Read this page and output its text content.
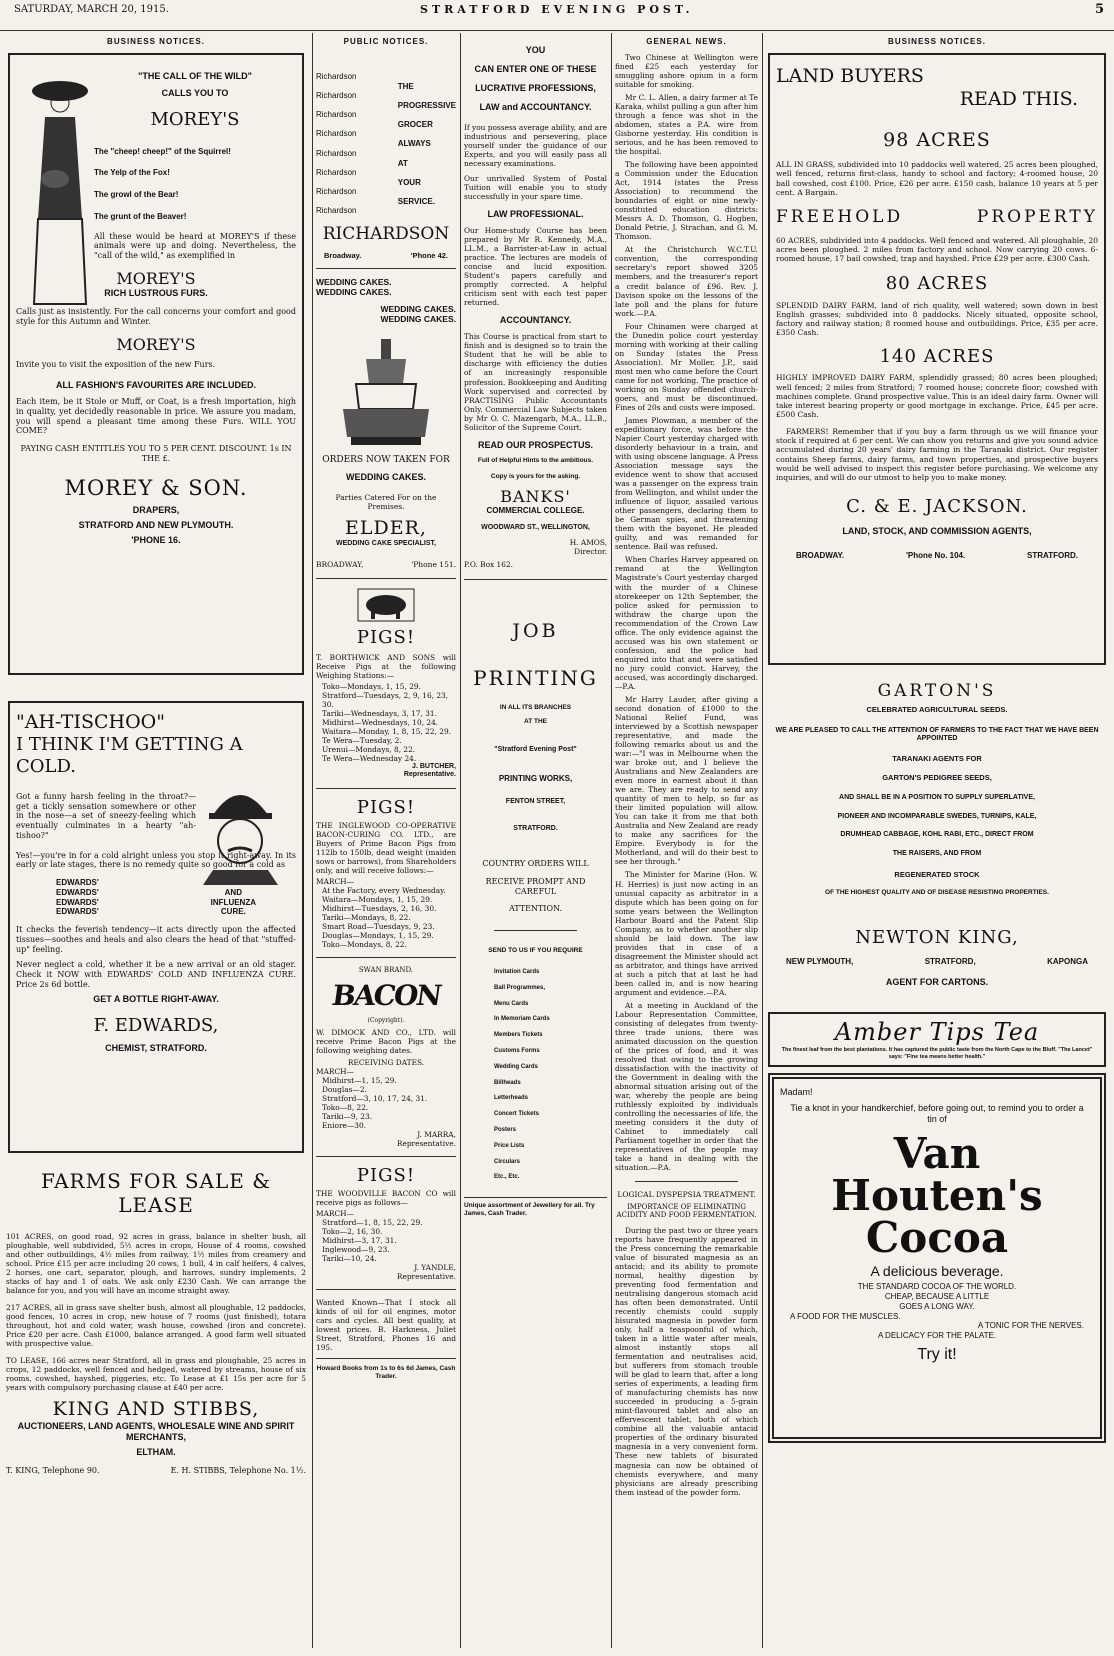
SATURDAY, MARCH 20, 1915.	STRATFORD EVENING POST.	5
BUSINESS NOTICES.
"THE CALL OF THE WILD"
CALLS YOU TO
MOREY'S
The "cheep! cheep!" of the Squirrel!
The Yelp of the Fox!
The growl of the Bear!
The grunt of the Beaver!
All these would be heard at MOREY'S if these animals were up and doing. Nevertheless, the "call of the wild," as exemplified in
MOREY'S
RICH LUSTROUS FURS.
Calls just as insistently. For the call concerns your comfort and good style for this Autumn and Winter.
MOREY'S
Invite you to visit the exposition of the new Furs.
ALL FASHION'S FAVOURITES ARE INCLUDED.
Each item, be it Stole or Muff, or Coat, is a fresh importation, high in quality, yet decidedly reasonable in price. We assure you madam, you will spend a pleasant time among these Furs. WILL YOU COME?
PAYING CASH ENTITLES YOU TO 5 PER CENT. DISCOUNT. 1s IN THE £.
MOREY & SON.
DRAPERS,
STRATFORD AND NEW PLYMOUTH.
'PHONE 16.
"AH-TISCHOO"
I THINK I'M GETTING A
COLD.
Got a funny harsh feeling in the throat?—get a tickly sensation somewhere or other in the nose—a set of sneezy-feeling which eventually culminates in a hearty "ah-tishoo?"
Yes!—you're in for a cold alright unless you stop it right-away. In its early or late stages, there is no remedy quite so good for a cold as
EDWARDS'
EDWARDS'
EDWARDS'
EDWARDS'
AND
INFLUENZA
CURE.
It checks the feverish tendency—it acts directly upon the affected tissues—soothes and heals and also clears the head of that "stuffed-up" feeling.
Never neglect a cold, whether it be a new arrival or an old stager. Check it NOW with EDWARDS' COLD AND INFLUENZA CURE. Price 2s 6d bottle.
GET A BOTTLE RIGHT-AWAY.
F. EDWARDS,
CHEMIST, STRATFORD.
FARMS FOR SALE & LEASE
101 ACRES, on good road, 92 acres in grass, balance in shelter bush, all ploughable, well subdivided, 5½ acres in crops, House of 4 rooms, cowshed and other outbuildings, 4½ miles from railway, 1½ miles from creamery and school. Price £15 per acre including 20 cows, 1 bull, 4 in calf heifers, 4 calves, 2 horses, one cart, separator, plough, and harrows, sundry implements, 2 stacks of hay and 1 of oats. We ask only £230 Cash. We can arrange the balance for you, and you will have an income straight away.
217 ACRES, all in grass save shelter bush, almost all ploughable, 12 paddocks, good fences, 10 acres in crop, new house of 7 rooms (just finished), totara throughout, hot and cold water, wash house, cowshed (iron and concrete). Price £20 per acre. Cash £1000, balance arranged. A good farm well situated with prospective value.
TO LEASE, 166 acres near Stratford, all in grass and ploughable, 25 acres in crops, 12 paddocks, well fenced and hedged, watered by streams, house of six rooms, cowshed, hayshed, piggeries, etc. To Lease at £1 15s per acre for 5 years with compulsory purchasing clause at £40 per acre.
KING AND STIBBS,
AUCTIONEERS, LAND AGENTS, WHOLESALE WINE AND SPIRIT MERCHANTS,
ELTHAM.
T. KING, Telephone 90.	E. H. STIBBS, Telephone No. 1½.
PUBLIC NOTICES.
Richardson
Richardson
Richardson
Richardson
Richardson
Richardson
Richardson
Richardson
THE
PROGRESSIVE
GROCER
ALWAYS
AT
YOUR
SERVICE.
RICHARDSON
Broadway.	'Phone 42.
WEDDING CAKES.
WEDDING CAKES.
WEDDING CAKES.
WEDDING CAKES.
ORDERS NOW TAKEN FOR
WEDDING CAKES.
Parties Catered For on the Premises.
ELDER,
WEDDING CAKE SPECIALIST,
BROADWAY,	'Phone 151.
PIGS!
T. BORTHWICK AND SONS will Receive Pigs at the following Weighing Stations:—
Toko—Mondays, 1, 15, 29.
Stratford—Tuesdays, 2, 9, 16, 23, 30.
Tariki—Wednesdays, 3, 17, 31.
Midhirst—Wednesdays, 10, 24.
Waitara—Monday, 1, 8, 15, 22, 29.
Te Wera—Tuesday, 2.
Urenui—Mondays, 8, 22.
Te Wera—Wednesday 24.
J. BUTCHER,
Representative.
PIGS!
THE INGLEWOOD CO-OPERATIVE BACON-CURING CO. LTD., are Buyers of Prime Bacon Pigs from 112lb to 150lb, dead weight (maiden sows or barrows), from Shareholders only, and will receive follows:—
MARCH—
At the Factory, every Wednesday.
Waitara—Mondays, 1, 15, 29.
Midhirst—Tuesdays, 2, 16, 30.
Tariki—Mondays, 8, 22.
Smart Road—Tuesdays, 9, 23.
Douglas—Mondays, 1, 15, 29.
Toko—Mondays, 8, 22.
SWAN BRAND.
BACON
(Copyright).
W. DIMOCK AND CO., LTD. will receive Prime Bacon Pigs at the following weighing dates.
RECEIVING DATES.
MARCH—
Midhirst—1, 15, 29.
Douglas—2.
Stratford—3, 10, 17, 24, 31.
Toko—8, 22.
Tariki—9, 23.
Eniore—30.
J. MARRA,
Representative.
PIGS!
THE WOODVILLE BACON CO will receive pigs as follows—
MARCH—
Stratford—1, 8, 15, 22, 29.
Toko—2, 16, 30.
Midhirst—3, 17, 31.
Inglewood—9, 23.
Tariki—10, 24.
J. YANDLE,
Representative.
Wanted Known—That I stock all kinds of oil for oil engines, motor cars and cycles. All best quality, at lowest prices. B. Harkness, Juliet Street, Stratford, Phones 16 and 195.
Howard Books from 1s to 6s 6d James, Cash Trader.
YOU
CAN ENTER ONE OF THESE
LUCRATIVE PROFESSIONS,
LAW and ACCOUNTANCY.
If you possess average ability, and are industrious and persevering, place yourself under the guidance of our Experts, and you will easily pass all necessary examinations.
Our unrivalled System of Postal Tuition will enable you to study successfully in your spare time.
LAW PROFESSIONAL.
Our Home-study Course has been prepared by Mr R. Kennedy, M.A., LL.M., a Barrister-at-Law in actual practice. The lectures are models of concise and lucid exposition. Student's papers carefully and promptly corrected. A helpful criticism sent with each test paper returned.
ACCOUNTANCY.
This Course is practical from start to finish and is designed so to train the Student that he will be able to discharge with efficiency the duties of an increasingly responsible profession. Bookkeeping and Auditing Work supervised and corrected by PRACTISING Public Accountants Only. Commercial Law Subjects taken by Mr O. C. Mazengarb, M.A., LL.B., Solicitor of the Supreme Court.
READ OUR PROSPECTUS.
Full of Helpful Hints to the ambitious.
Copy is yours for the asking.
BANKS'
COMMERCIAL COLLEGE.
WOODWARD ST., WELLINGTON,
H. AMOS,
Director.
P.O. Box 162.
JOB
PRINTING
IN ALL ITS BRANCHES
AT THE
"Stratford Evening Post"
PRINTING WORKS,
FENTON STREET,
STRATFORD.
COUNTRY ORDERS WILL
RECEIVE PROMPT AND CAREFUL
ATTENTION.
SEND TO US IF YOU REQUIRE
Invitation Cards
Ball Programmes,
Menu Cards
In Memoriam Cards
Members Tickets
Customs Forms
Wedding Cards
Billheads
Letterheads
Concert Tickets
Posters
Price Lists
Circulars
Etc., Etc.
Unique assortment of Jewellery for all. Try James, Cash Trader.
GENERAL NEWS.

Two Chinese at Wellington were fined £25 each yesterday for smuggling ashore opium in a form suitable for smoking.

Mr C. L. Allen, a dairy farmer at Te Karaka, whilst pulling a gun after him through a fence was shot in the abdomen, states a P.A. wire from Gisborne yesterday. His condition is serious, and he has been removed to the hospital.

The following have been appointed a Commission under the Education Act, 1914 (states the Press Association) to recommend the boundaries of eight or nine newly-constituted education districts: Messrs A. D. Thomson, G. Hogben, Donald Petrie, J. Strachan, and G. M. Thomson.

At the Christchurch W.C.T.U. convention, the corresponding secretary's report showed 3205 members, and the treasurer's report a credit balance of £96. Rev. J. Davison spoke on the lessons of the late poll and the plans for future work.—P.A.

Four Chinamen were charged at the Dunedin police court yesterday morning with working at their calling on Sunday (states the Press Association). Mr Moller, J.P., said most men who came before the Court came for not working. The practice of working on Sunday offended church-goers, and must be discontinued. Fines of 20s and costs were imposed.

James Plowman, a member of the expeditionary force, was before the Napier Court yesterday charged with disorderly behaviour in a train, and with using obscene language. A Press Association message says the evidence went to show that accused was a passenger on the express train from Wellington, and whilst under the influence of liquor, assailed various other passengers, declaring them to be German spies, and threatening them with the bayonet. He pleaded guilty, and was remanded for sentence. Bail was refused.

When Charles Harvey appeared on remand at the Wellington Magistrate's Court yesterday charged with the murder of a Chinese storekeeper on 12th September, the police asked for permission to withdraw the charge upon the recommendation of the Crown Law office. The only evidence against the accused was his own statement or confession, and the police had enquired into that and were satisfied no jury could convict. Harvey, the accused, was accordingly discharged.—P.A.

Mr Harry Lauder, after giving a second donation of £1000 to the National Relief Fund, was interviewed by a Scottish newspaper representative, and made the following remarks about us and the war:—"I was in Melbourne when the war broke out, and I believe the Australians and New Zealanders are even more in earnest about it than we are. They are ready to send any quantity of men to help, so far as their limited population will allow. You can take it from me that both Australia and New Zealand are ready to make any sacrifices for the Empire. Everybody is for the Motherland, and will do their best to see her through."

The Minister for Marine (Hon. W. H. Herries) is just now acting in an unusual capacity as arbitrator in a dispute which has been going on for some years between the Wellington Harbour Board and the Patent Slip Company, as to whether another slip should be laid down. The law provides that in case of a disagreement the Minister should act as arbitrator, and things have arrived at such a pitch that at last he had been called in, and is now hearing argument and evidence.—P.A.

At a meeting in Auckland of the Labour Representation Committee, consisting of delegates from twenty-three trade unions, there was animated discussion on the question of the prices of food, and it was resolved that owing to the growing dissatisfaction with the inactivity of the Government in dealing with the abnormal situation arising out of the war, whereby the people are being ruthlessly exploited by individuals controlling the necessaries of life, the meeting considers it the duty of Cabinet to immediately call Parliament together in order that the representatives of the people may take a hand in dealing with the situation.—P.A.

LOGICAL DYSPEPSIA TREATMENT.
IMPORTANCE OF ELIMINATING ACIDITY AND FOOD FERMENTATION.

During the past two or three years reports have frequently appeared in the Press concerning the remarkable value of bisurated magnesia as an antacid; and its ability to promote normal, healthy digestion by preventing food fermentation and neutralising dangerous stomach acid has often been demonstrated. Until recently chemists could supply bisurated magnesia in powder form only, half a teaspoonful of which, taken in a little water after meals, almost instantly stops all fermentation and neutralises acid, but sufferers from stomach trouble will be glad to learn that, after a long series of experiments, a leading firm of manufacturing chemists has now succeeded in producing a 5-grain mint-flavoured tablet and also an effervescent tablet, both of which combine all the valuable antacid properties of the ordinary bisurated magnesia in a very convenient form. These new tablets of bisurated magnesia can now be obtained of chemists everywhere, and many physicians are already prescribing them instead of the powder form.

BUSINESS NOTICES.
LAND BUYERS
READ THIS.
98 ACRES
ALL IN GRASS, subdivided into 10 paddocks well watered, 25 acres been ploughed, well fenced, returns first-class, handy to school and factory; 4-roomed house, 20 ball cowshed, cost £100. Price, £26 per acre. £150 cash, balance 10 years at 5 per cent. A Bargain.
FREEHOLD PROPERTY
60 ACRES, subdivided into 4 paddocks. Well fenced and watered. All ploughable, 20 acres been ploughed. 2 miles from factory and school. Now carrying 20 cows. 6-roomed house, 17 bail cowshed, trap and hayshed. Price £29 per acre. £300 Cash.
80 ACRES
SPLENDID DAIRY FARM, land of rich quality, well watered; sown down in best English grasses; subdivided into 8 paddocks. Nicely situated, opposite school, factory and railway station; 8 roomed house and outbuildings. Price, £35 per acre. £350 Cash.
140 ACRES
HIGHLY IMPROVED DAIRY FARM, splendidly grassed; 80 acres been ploughed; well fenced; 2 miles from Stratford; 7 roomed house; concrete floor; cowshed with machines complete. Grand prospective value. This is an ideal dairy farm. Owner will take interest bearing property or good mortgage in exchange. Price, £45 per acre. £500 Cash.
FARMERS! Remember that if you buy a farm through us we will finance your stock if required at 6 per cent. We can show you returns and give you sound advice accumulated during 20 years' dairy farming in the Taranaki district. Our register contains Sheep farms, dairy farms, and town properties, and prospective buyers would be well advised to inspect this register before purchasing. We welcome any inquiries, and will do our utmost to help you to make money.
C. & E. JACKSON.
LAND, STOCK, AND COMMISSION AGENTS,
BROADWAY.	'Phone No. 104.	STRATFORD.
GARTON'S
CELEBRATED AGRICULTURAL SEEDS.
WE ARE PLEASED TO CALL THE ATTENTION OF FARMERS TO THE FACT THAT WE HAVE BEEN APPOINTED
TARANAKI AGENTS FOR
GARTON'S PEDIGREE SEEDS,
AND SHALL BE IN A POSITION TO SUPPLY SUPERLATIVE,
PIONEER AND INCOMPARABLE SWEDES, TURNIPS, KALE,
DRUMHEAD CABBAGE, KOHL RABI, ETC., DIRECT FROM
THE RAISERS, AND FROM
REGENERATED STOCK
OF THE HIGHEST QUALITY AND OF DISEASE RESISTING PROPERTIES.
NEWTON KING,
NEW PLYMOUTH,	STRATFORD,	KAPONGA
AGENT FOR CARTONS.
Amber Tips Tea
The finest leaf from the best plantations. It has captured the public taste from the North Cape to the Bluff. "The Lancet" says: "Fine tea means better health."
Madam!
Tie a knot in your handkerchief, before going out, to remind you to order a tin of
Van
Houten's
Cocoa
A delicious beverage.
THE STANDARD COCOA OF THE WORLD.
CHEAP, BECAUSE A LITTLE
GOES A LONG WAY.
A FOOD FOR THE MUSCLES.
A TONIC FOR THE NERVES.
A DELICACY FOR THE PALATE.
Try it!
